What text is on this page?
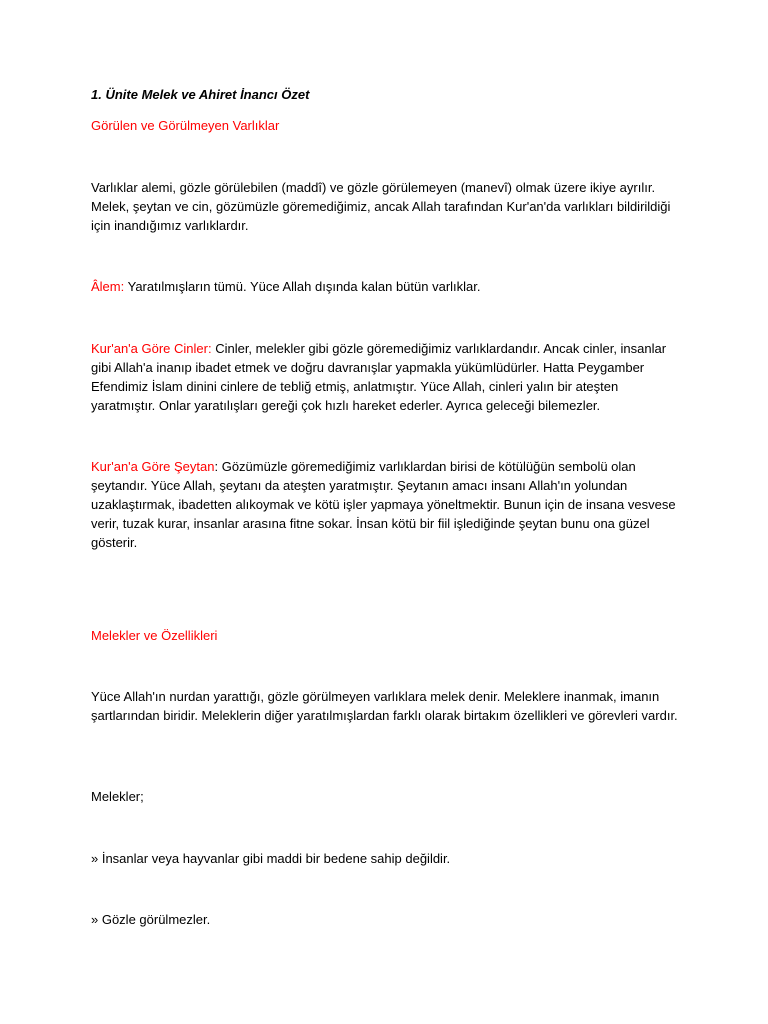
1. Ünite Melek ve Ahiret İnancı Özet

Görülen ve Görülmeyen Varlıklar

Varlıklar alemi, gözle görülebilen (maddî) ve gözle görülemeyen (manevî) olmak üzere ikiye ayrılır. Melek, şeytan ve cin, gözümüzle göremediğimiz, ancak Allah tarafından Kur'an'da varlıkları bildirildiği için inandığımız varlıklardır.

Âlem: Yaratılmışların tümü. Yüce Allah dışında kalan bütün varlıklar.

Kur'an'a Göre Cinler: Cinler, melekler gibi gözle göremediğimiz varlıklardandır. Ancak cinler, insanlar gibi Allah'a inanıp ibadet etmek ve doğru davranışlar yapmakla yükümlüdürler. Hatta Peygamber Efendimiz İslam dinini cinlere de tebliğ etmiş, anlatmıştır. Yüce Allah, cinleri yalın bir ateşten yaratmıştır. Onlar yaratılışları gereği çok hızlı hareket ederler. Ayrıca geleceği bilemezler.

Kur'an'a Göre Şeytan: Gözümüzle göremediğimiz varlıklardan birisi de kötülüğün sembolü olan şeytandır. Yüce Allah, şeytanı da ateşten yaratmıştır. Şeytanın amacı insanı Allah'ın yolundan uzaklaştırmak, ibadetten alıkoymak ve kötü işler yapmaya yöneltmektir. Bunun için de insana vesvese verir, tuzak kurar, insanlar arasına fitne sokar. İnsan kötü bir fiil işlediğinde şeytan bunu ona güzel gösterir.

Melekler ve Özellikleri

Yüce Allah'ın nurdan yarattığı, gözle görülmeyen varlıklara melek denir. Meleklere inanmak, imanın şartlarından biridir. Meleklerin diğer yaratılmışlardan farklı olarak birtakım özellikleri ve görevleri vardır.

Melekler;

» İnsanlar veya hayvanlar gibi maddi bir bedene sahip değildir.

» Gözle görülmezler.
